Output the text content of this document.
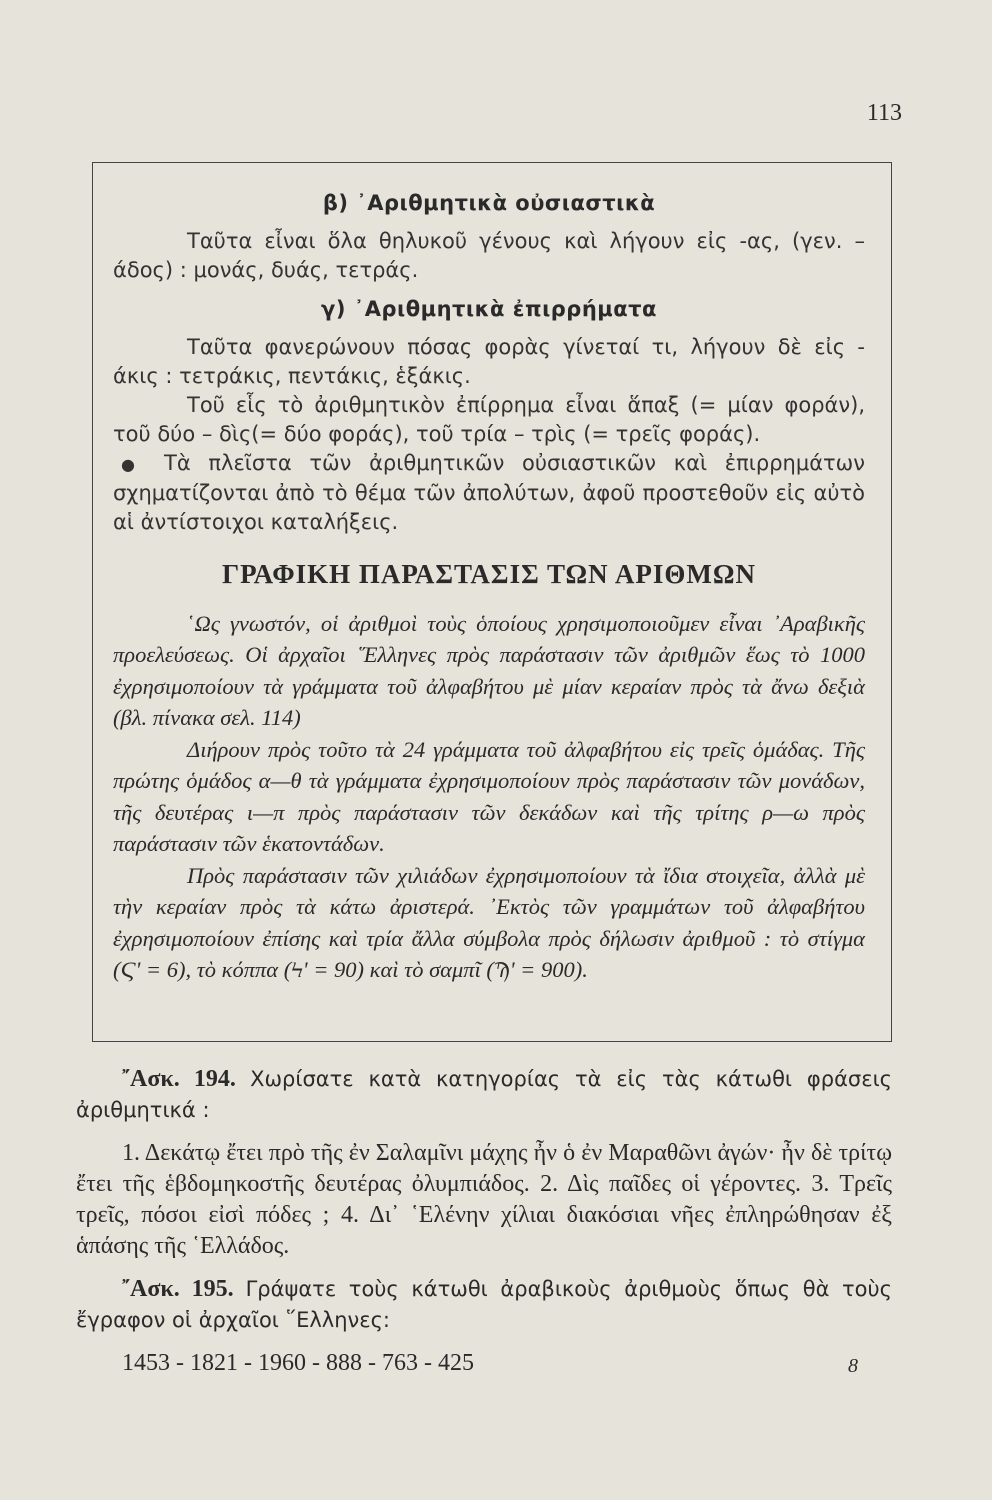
113
β) ᾿Αριθμητικὰ οὐσιαστικὰ

Ταῦτα εἶναι ὅλα θηλυκοῦ γένους καὶ λήγουν εἰς -ας, (γεν. – άδος) : μονάς, δυάς, τετράς.

γ) ᾿Αριθμητικὰ ἐπιρρήματα

Ταῦτα φανερώνουν πόσας φορὰς γίνεταί τι, λήγουν δὲ εἰς - άκις : τετράκις, πεντάκις, ἑξάκις.

Τοῦ εἷς τὸ ἀριθμητικὸν ἐπίρρημα εἶναι ἅπαξ (= μίαν φοράν), τοῦ δύο – δὶς(= δύο φοράς), τοῦ τρία – τρὶς (= τρεῖς φοράς).

● Τὰ πλεῖστα τῶν ἀριθμητικῶν οὐσιαστικῶν καὶ ἐπιρρημάτων σχηματίζονται ἀπὸ τὸ θέμα τῶν ἀπολύτων, ἀφοῦ προστεθοῦν εἰς αὐτὸ αἱ ἀντίστοιχοι καταλήξεις.

ΓΡΑΦΙΚΗ ΠΑΡΑΣΤΑΣΙΣ ΤΩΝ ΑΡΙΘΜΩΝ

῾Ως γνωστόν, οἱ ἀριθμοὶ τοὺς ὁποίους χρησιμοποιοῦμεν εἶναι ᾿Αραβικῆς προελεύσεως. Οἱ ἀρχαῖοι ῞Ελληνες πρὸς παράστασιν τῶν ἀριθμῶν ἕως τὸ 1000 ἐχρησιμοποίουν τὰ γράμματα τοῦ ἀλφαβήτου μὲ μίαν κεραίαν πρὸς τὰ ἄνω δεξιὰ (βλ. πίνακα σελ. 114)

Διήρουν πρὸς τοῦτο τὰ 24 γράμματα τοῦ ἀλφαβήτου εἰς τρεῖς ὁμάδας. Τῆς πρώτης ὁμάδος α—θ τὰ γράμματα ἐχρησιμοποίουν πρὸς παράστασιν τῶν μονάδων, τῆς δευτέρας ι—π πρὸς παράστασιν τῶν δεκάδων καὶ τῆς τρίτης ρ—ω πρὸς παράστασιν τῶν ἑκατοντάδων.

Πρὸς παράστασιν τῶν χιλιάδων ἐχρησιμοποίουν τὰ ἴδια στοιχεῖα, ἀλλὰ μὲ τὴν κεραίαν πρὸς τὰ κάτω ἀριστερά. ᾿Εκτὸς τῶν γραμμάτων τοῦ ἀλφαβήτου ἐχρησιμοποίουν ἐπίσης καὶ τρία ἄλλα σύμβολα πρὸς δήλωσιν ἀριθμοῦ : τὸ στίγμα (Ϛ' = 6), τὸ κόππα (Ϟ' = 90) καὶ τὸ σαμπῖ (Ϡ' = 900).

῎Ασκ. 194. Χωρίσατε κατὰ κατηγορίας τὰ εἰς τὰς κάτωθι φράσεις ἀριθμητικά :

1. Δεκάτῳ ἔτει πρὸ τῆς ἐν Σαλαμῖνι μάχης ἦν ὁ ἐν Μαραθῶνι ἀγών· ἦν δὲ τρίτῳ ἔτει τῆς ἑβδομηκοστῆς δευτέρας ὀλυμπιάδος. 2. Δὶς παῖδες οἱ γέροντες. 3. Τρεῖς τρεῖς, πόσοι εἰσὶ πόδες ; 4. Δι᾿ ῾Ελένην χίλιαι διακόσιαι νῆες ἐπληρώθησαν ἐξ ἁπάσης τῆς ῾Ελλάδος.

῎Ασκ. 195. Γράψατε τοὺς κάτωθι ἀραβικοὺς ἀριθμοὺς ὅπως θὰ τοὺς ἔγραφον οἱ ἀρχαῖοι ῞Ελληνες:

1453 - 1821 - 1960 - 888 - 763 - 425	8
